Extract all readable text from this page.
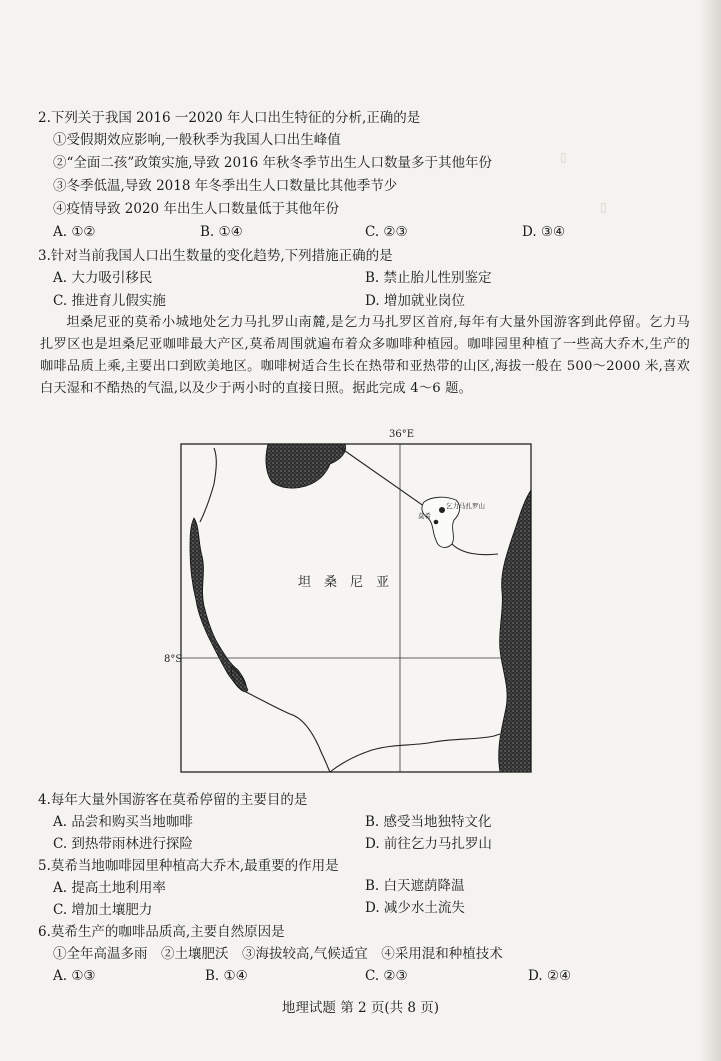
▯
▯
2.下列关于我国 2016 一2020 年人口出生特征的分析,正确的是
①受假期效应影响,一般秋季为我国人口出生峰值
②“全面二孩”政策实施,导致 2016 年秋冬季节出生人口数量多于其他年份
③冬季低温,导致 2018 年冬季出生人口数量比其他季节少
④疫情导致 2020 年出生人口数量低于其他年份
A. ①②	B. ①④	C. ②③	D. ③④
3.针对当前我国人口出生数量的变化趋势,下列措施正确的是
A. 大力吸引移民	B. 禁止胎儿性别鉴定
C. 推进育儿假实施	D. 增加就业岗位
坦桑尼亚的莫希小城地处乞力马扎罗山南麓,是乞力马扎罗区首府,每年有大量外国游客到此停留。乞力马扎罗区也是坦桑尼亚咖啡最大产区,莫希周围就遍布着众多咖啡种植园。咖啡园里种植了一些高大乔木,生产的咖啡品质上乘,主要出口到欧美地区。咖啡树适合生长在热带和亚热带的山区,海拔一般在 500～2000 米,喜欢白天湿和不酷热的气温,以及少于两小时的直接日照。据此完成 4～6 题。
36°E
8°S
坦　桑　尼　亚
乞力马扎罗山
莫希
4.每年大量外国游客在莫希停留的主要目的是
A. 品尝和购买当地咖啡	B. 感受当地独特文化
C. 到热带雨林进行探险	D. 前往乞力马扎罗山
5.莫希当地咖啡园里种植高大乔木,最重要的作用是
A. 提高土地利用率	B. 白天遮荫降温
C. 增加土壤肥力	D. 减少水土流失
6.莫希生产的咖啡品质高,主要自然原因是
①全年高温多雨　②土壤肥沃　③海拔较高,气候适宜　④采用混和种植技术
A. ①③	B. ①④	C. ②③	D. ②④
地理试题 第 2 页(共 8 页)
